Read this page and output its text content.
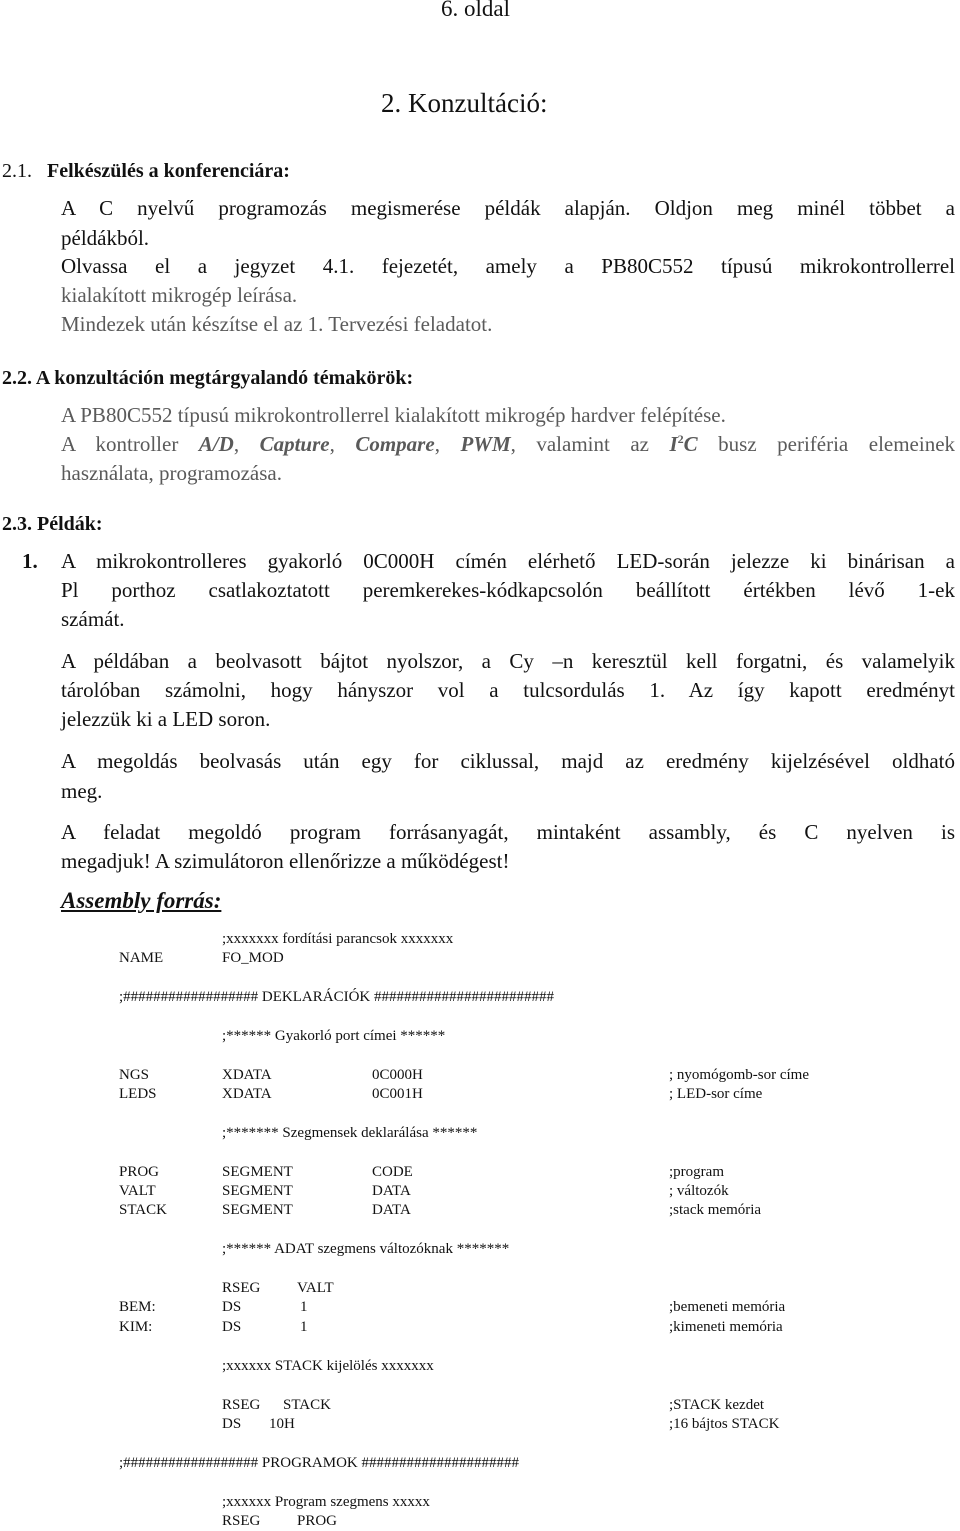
6. oldal
2. Konzultáció:
2.1. Felkészülés a konferenciára:
A C nyelvű programozás megismerése példák alapján. Oldjon meg minél többet a
példákból.
Olvassa el a jegyzet 4.1. fejezetét, amely a PB80C552 típusú mikrokontrollerrel
kialakított mikrogép leírása.
Mindezek után készítse el az 1. Tervezési feladatot.
2.2. A konzultáción megtárgyalandó témakörök:
A PB80C552 típusú mikrokontrollerrel kialakított mikrogép hardver felépítése.
A kontroller A/D, Capture, Compare, PWM, valamint az $I^2C$ busz periféria elemeinek
használata, programozása.
2.3. Példák:
1. A mikrokontrolleres gyakorló 0C000H címén elérhető LED-során jelezze ki binárisan a
Pl porthoz csatlakoztatott peremkerekes-kódkapcsolón beállított értékben lévő 1-ek
számát.
A példában a beolvasott bájtot nyolszor, a Cy –n keresztül kell forgatni, és valamelyik
tárolóban számolni, hogy hányszor vol a tulcsordulás 1. Az így kapott eredményt
jelezzük ki a LED soron.
A megoldás beolvasás után egy for ciklussal, majd az eredmény kijelzésével oldható
meg.
A feladat megoldó program forrásanyagát, mintaként assambly, és C nyelven is
megadjuk! A szimulátoron ellenőrizze a működégest!
Assembly forrás:
;xxxxxxx fordítási parancsok xxxxxxx
NAME	FO_MOD
;################## DEKLARÁCIÓK ########################
;****** Gyakorló port címei ******
NGS	XDATA	0C000H	; nyomógomb-sor címe
LEDS	XDATA	0C001H	; LED-sor címe
;******* Szegmensek deklarálása ******
PROG	SEGMENT	CODE	;program
VALT	SEGMENT	DATA	; változók
STACK	SEGMENT	DATA	;stack memória
;****** ADAT szegmens változóknak *******
RSEG VALT
BEM:	DS	1	;bemeneti memória
KIM:	DS	1	;kimeneti memória
;xxxxxx STACK kijelölés xxxxxxx
RSEG STACK	;STACK kezdet
DS 10H	;16 bájtos STACK
;################## PROGRAMOK #####################
;xxxxxx Program szegmens xxxxx
RSEG PROG
